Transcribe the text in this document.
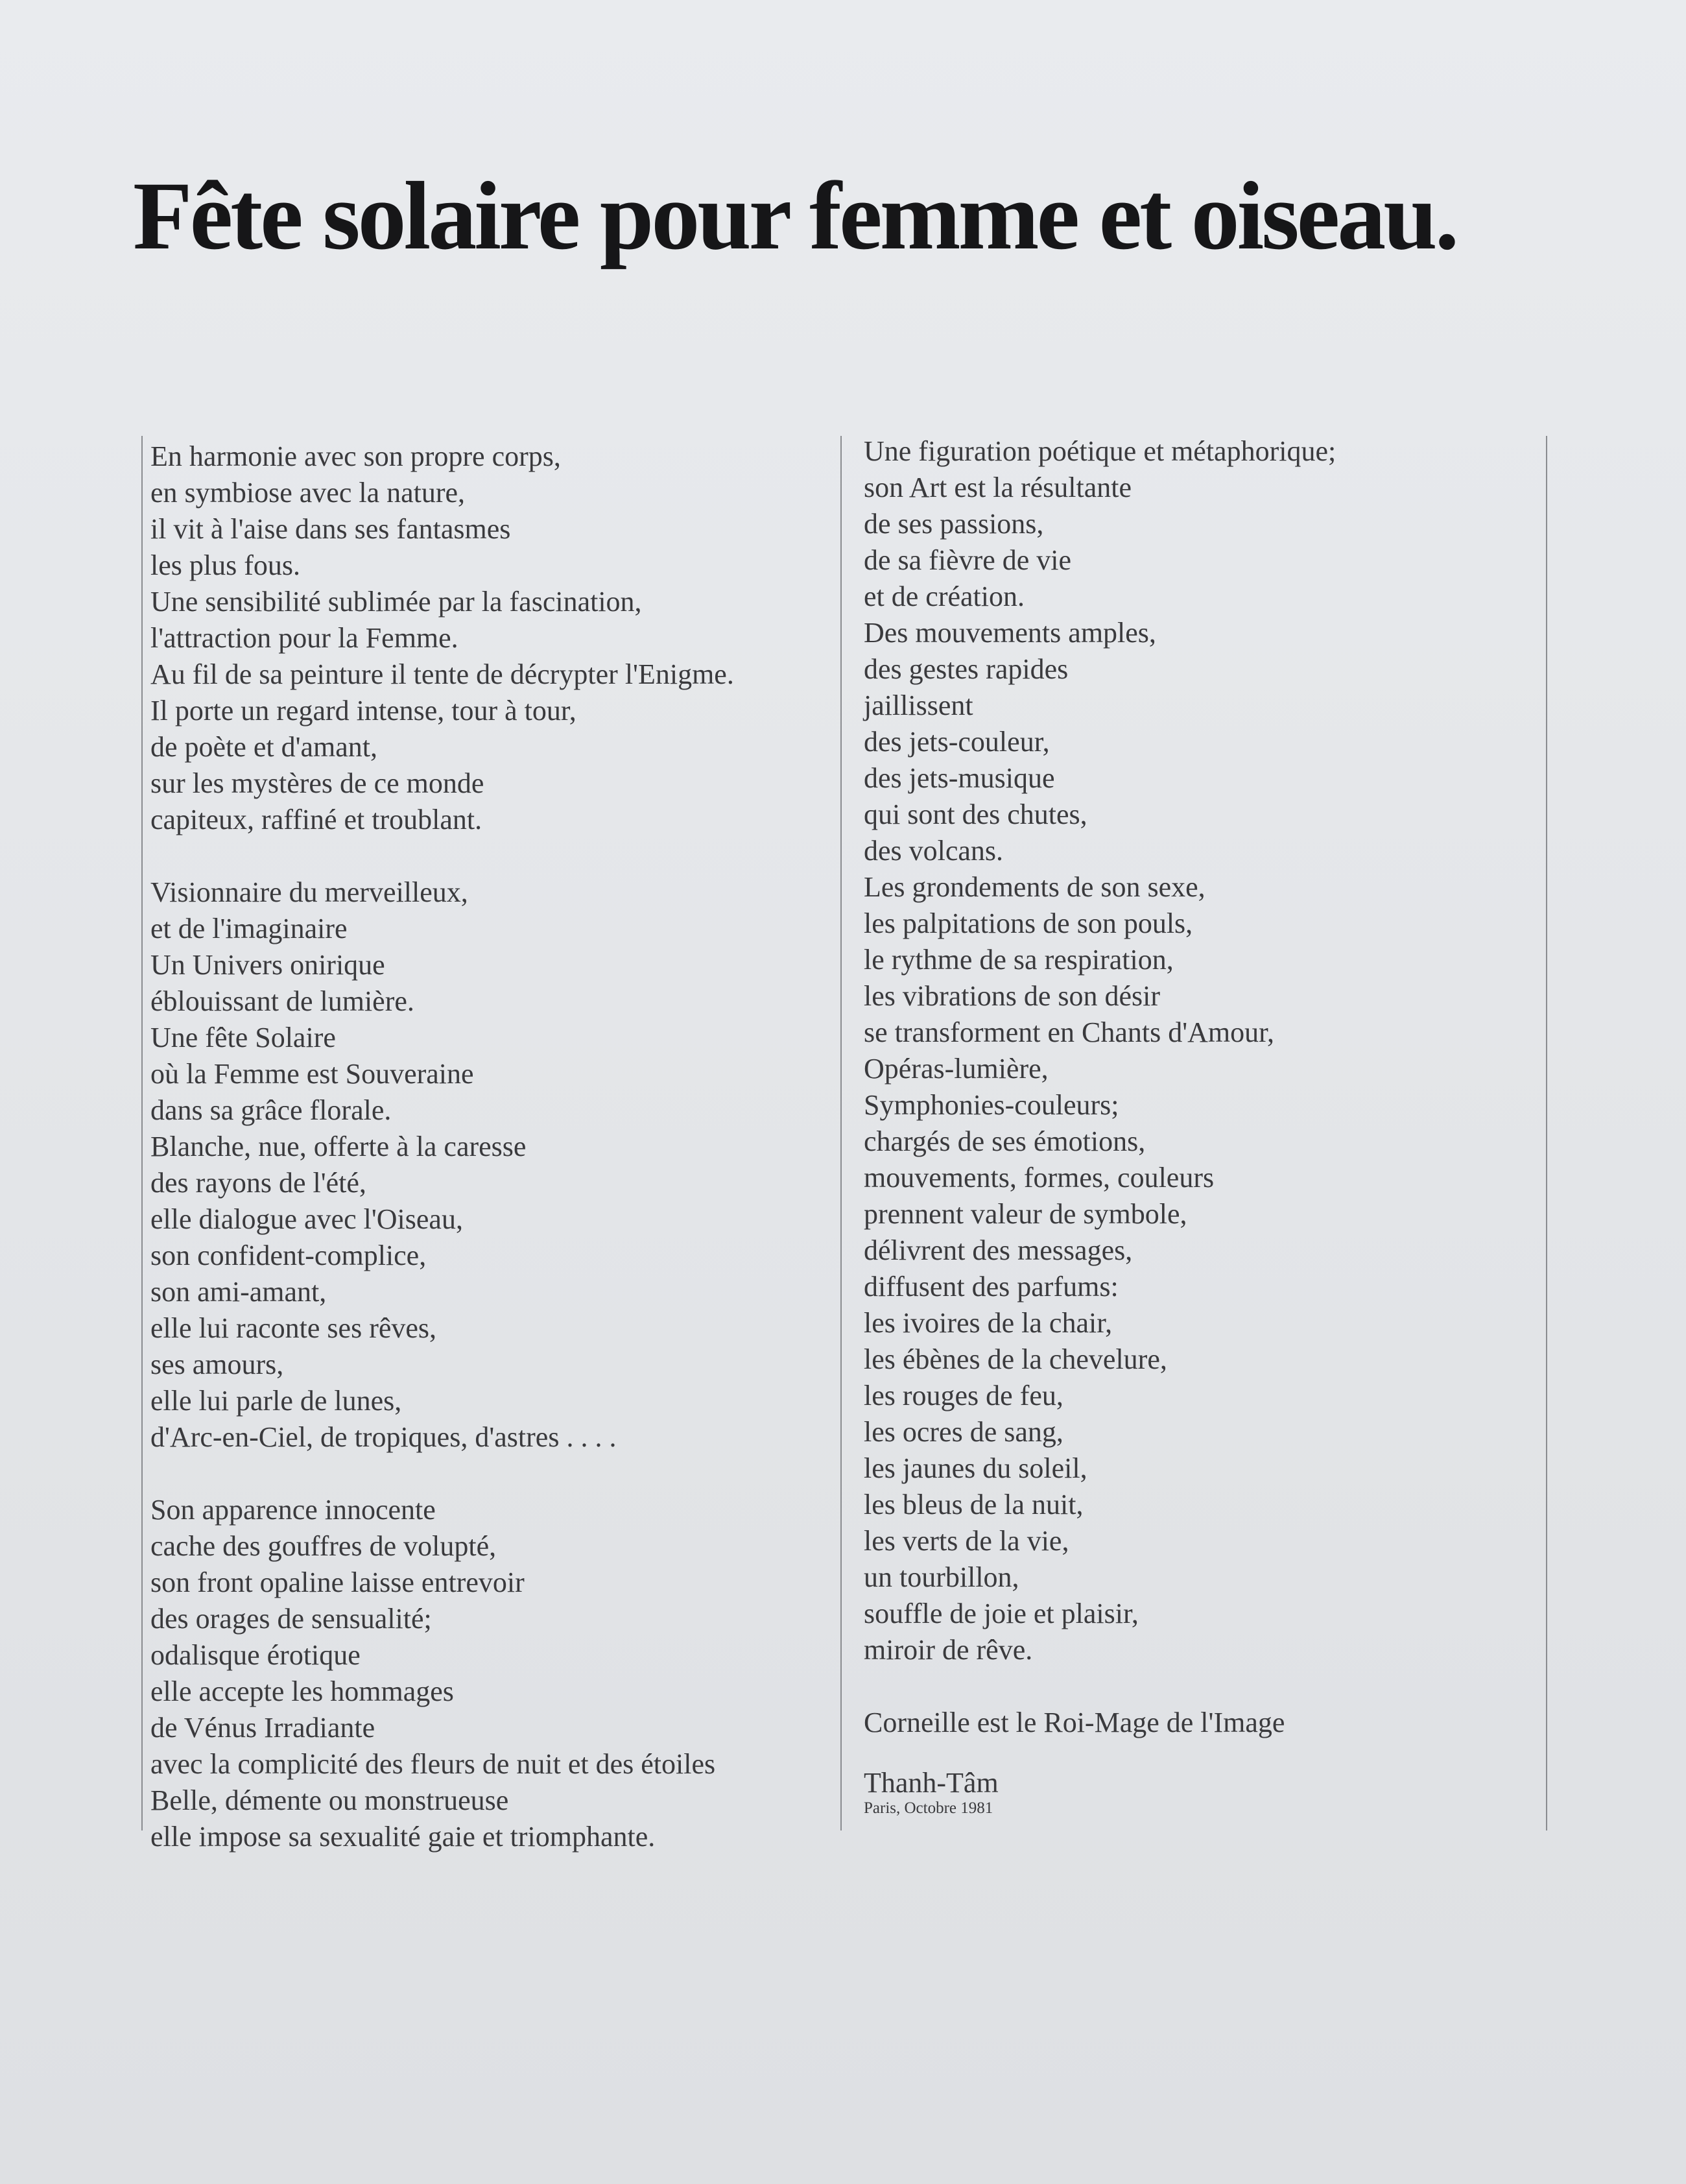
Fête solaire pour femme et oiseau.
En harmonie avec son propre corps,
en symbiose avec la nature,
il vit à l'aise dans ses fantasmes
les plus fous.
Une sensibilité sublimée par la fascination,
l'attraction pour la Femme.
Au fil de sa peinture il tente de décrypter l'Enigme.
Il porte un regard intense, tour à tour,
de poète et d'amant,
sur les mystères de ce monde
capiteux, raffiné et troublant.
Visionnaire du merveilleux,
et de l'imaginaire
Un Univers onirique
éblouissant de lumière.
Une fête Solaire
où la Femme est Souveraine
dans sa grâce florale.
Blanche, nue, offerte à la caresse
des rayons de l'été,
elle dialogue avec l'Oiseau,
son confident-complice,
son ami-amant,
elle lui raconte ses rêves,
ses amours,
elle lui parle de lunes,
d'Arc-en-Ciel, de tropiques, d'astres . . . .
Son apparence innocente
cache des gouffres de volupté,
son front opaline laisse entrevoir
des orages de sensualité;
odalisque érotique
elle accepte les hommages
de Vénus Irradiante
avec la complicité des fleurs de nuit et des étoiles
Belle, démente ou monstrueuse
elle impose sa sexualité gaie et triomphante.
Une figuration poétique et métaphorique;
son Art est la résultante
de ses passions,
de sa fièvre de vie
et de création.
Des mouvements amples,
des gestes rapides
jaillissent
des jets-couleur,
des jets-musique
qui sont des chutes,
des volcans.
Les grondements de son sexe,
les palpitations de son pouls,
le rythme de sa respiration,
les vibrations de son désir
se transforment en Chants d'Amour,
Opéras-lumière,
Symphonies-couleurs;
chargés de ses émotions,
mouvements, formes, couleurs
prennent valeur de symbole,
délivrent des messages,
diffusent des parfums:
les ivoires de la chair,
les ébènes de la chevelure,
les rouges de feu,
les ocres de sang,
les jaunes du soleil,
les bleus de la nuit,
les verts de la vie,
un tourbillon,
souffle de joie et plaisir,
miroir de rêve.
Corneille est le Roi-Mage de l'Image
Thanh-Tâm
Paris, Octobre 1981
